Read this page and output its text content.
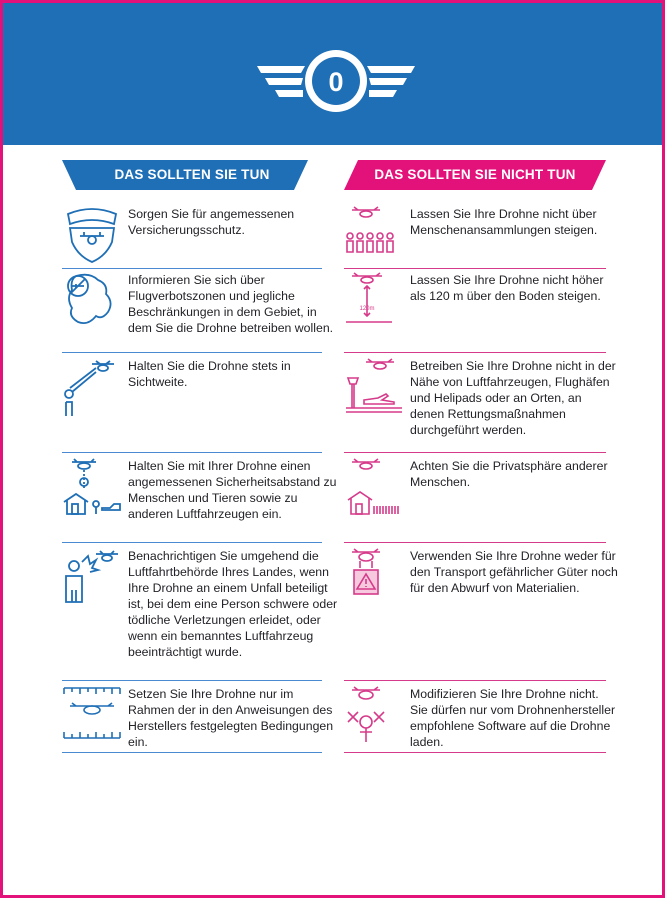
0
DAS SOLLTEN SIE TUN
Sorgen Sie für angemessenen Versicherungsschutz.
Informieren Sie sich über Flugverbotszonen und jegliche Beschränkungen in dem Gebiet, in dem Sie die Drohne betreiben wollen.
Halten Sie die Drohne stets in Sichtweite.
Halten Sie mit Ihrer Drohne einen angemessenen Sicherheitsabstand zu Menschen und Tieren sowie zu anderen Luftfahrzeugen ein.
Benachrichtigen Sie umgehend die Luftfahrtbehörde Ihres Landes, wenn Ihre Drohne an einem Unfall beteiligt ist, bei dem eine Person schwere oder tödliche Verletzungen erleidet, oder wenn ein bemanntes Luftfahrzeug beeinträchtigt wurde.
Setzen Sie Ihre Drohne nur im Rahmen der in den Anweisungen des Herstellers festgelegten Bedingungen ein.
DAS SOLLTEN SIE NICHT TUN
Lassen Sie Ihre Drohne nicht über Menschenansammlungen steigen.
120m
Lassen Sie Ihre Drohne nicht höher als 120 m über den Boden steigen.
Betreiben Sie Ihre Drohne nicht in der Nähe von Luftfahrzeugen, Flughäfen und Helipads oder an Orten, an denen Rettungsmaßnahmen durchgeführt werden.
Achten Sie die Privatsphäre anderer Menschen.
Verwenden Sie Ihre Drohne weder für den Transport gefährlicher Güter noch für den Abwurf von Materialien.
Modifizieren Sie Ihre Drohne nicht. Sie dürfen nur vom Drohnenhersteller empfohlene Software auf die Drohne laden.
